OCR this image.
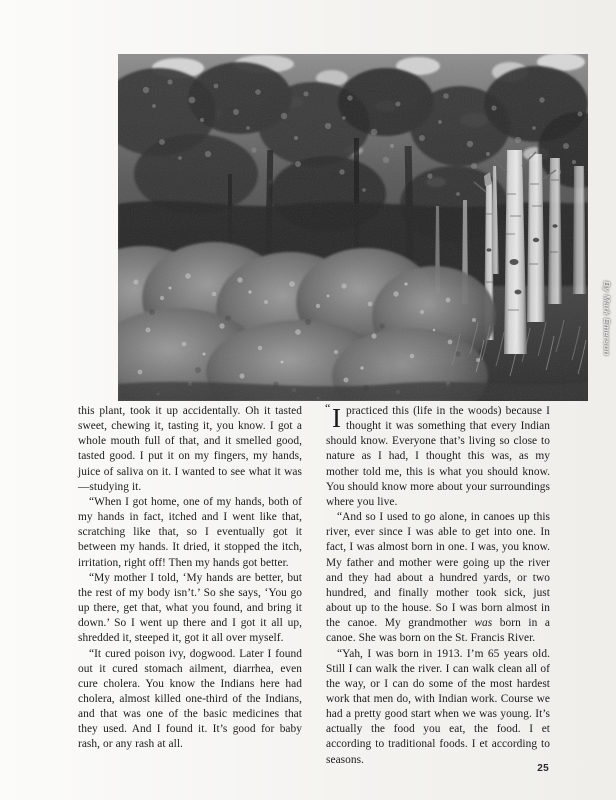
By Mark Emerson

this plant, took it up accidentally. Oh it tasted sweet, chewing it, tasting it, you know. I got a whole mouth full of that, and it smelled good, tasted good. I put it on my fingers, my hands, juice of saliva on it. I wanted to see what it was—studying it.

“When I got home, one of my hands, both of my hands in fact, itched and I went like that, scratching like that, so I eventually got it between my hands. It dried, it stopped the itch, irritation, right off! Then my hands got better.

“My mother I told, ‘My hands are better, but the rest of my body isn’t.’ So she says, ‘You go up there, get that, what you found, and bring it down.’ So I went up there and I got it all up, shredded it, steeped it, got it all over myself.

“It cured poison ivy, dogwood. Later I found out it cured stomach ailment, diarrhea, even cure cholera. You know the Indians here had cholera, almost killed one-third of the Indians, and that was one of the basic medicines that they used. And I found it. It’s good for baby rash, or any rash at all.

“ I practiced this (life in the woods) because I thought it was something that every Indian should know. Everyone that’s living so close to nature as I had, I thought this was, as my mother told me, this is what you should know. You should know more about your surroundings where you live.

“And so I used to go alone, in canoes up this river, ever since I was able to get into one. In fact, I was almost born in one. I was, you know. My father and mother were going up the river and they had about a hundred yards, or two hundred, and finally mother took sick, just about up to the house. So I was born almost in the canoe. My grandmother was born in a canoe. She was born on the St. Francis River.

“Yah, I was born in 1913. I’m 65 years old. Still I can walk the river. I can walk clean all of the way, or I can do some of the most hardest work that men do, with Indian work. Course we had a pretty good start when we was young. It’s actually the food you eat, the food. I et according to traditional foods. I et according to seasons.

25
